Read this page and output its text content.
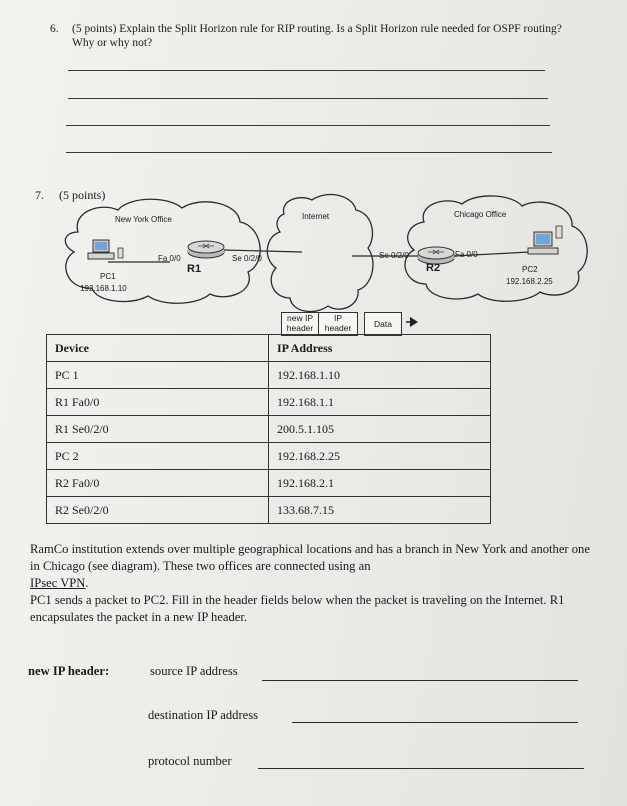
6. (5 points) Explain the Split Horizon rule for RIP routing. Is a Split Horizon rule needed for OSPF routing? Why or why not?
7. (5 points)
New York Office	Internet	Chicago Office
Fa 0/0	Se 0/2/0
R1
Se 0/2/0	Fa 0/0
R2
PC1
192.168.1.10
PC2
192.168.2.25
new IP
header
IP
header	Data
Device	IP Address
PC 1	192.168.1.10
R1 Fa0/0	192.168.1.1
R1 Se0/2/0	200.5.1.105
PC 2	192.168.2.25
R2 Fa0/0	192.168.2.1
R2 Se0/2/0	133.68.7.15

RamCo institution extends over multiple geographical locations and has a branch in New York and another one in Chicago (see diagram). These two offices are connected using an
IPsec VPN.

PC1 sends a packet to PC2. Fill in the header fields below when the packet is traveling on the Internet. R1 encapsulates the packet in a new IP header.

new IP header:	source IP address
destination IP address
protocol number
